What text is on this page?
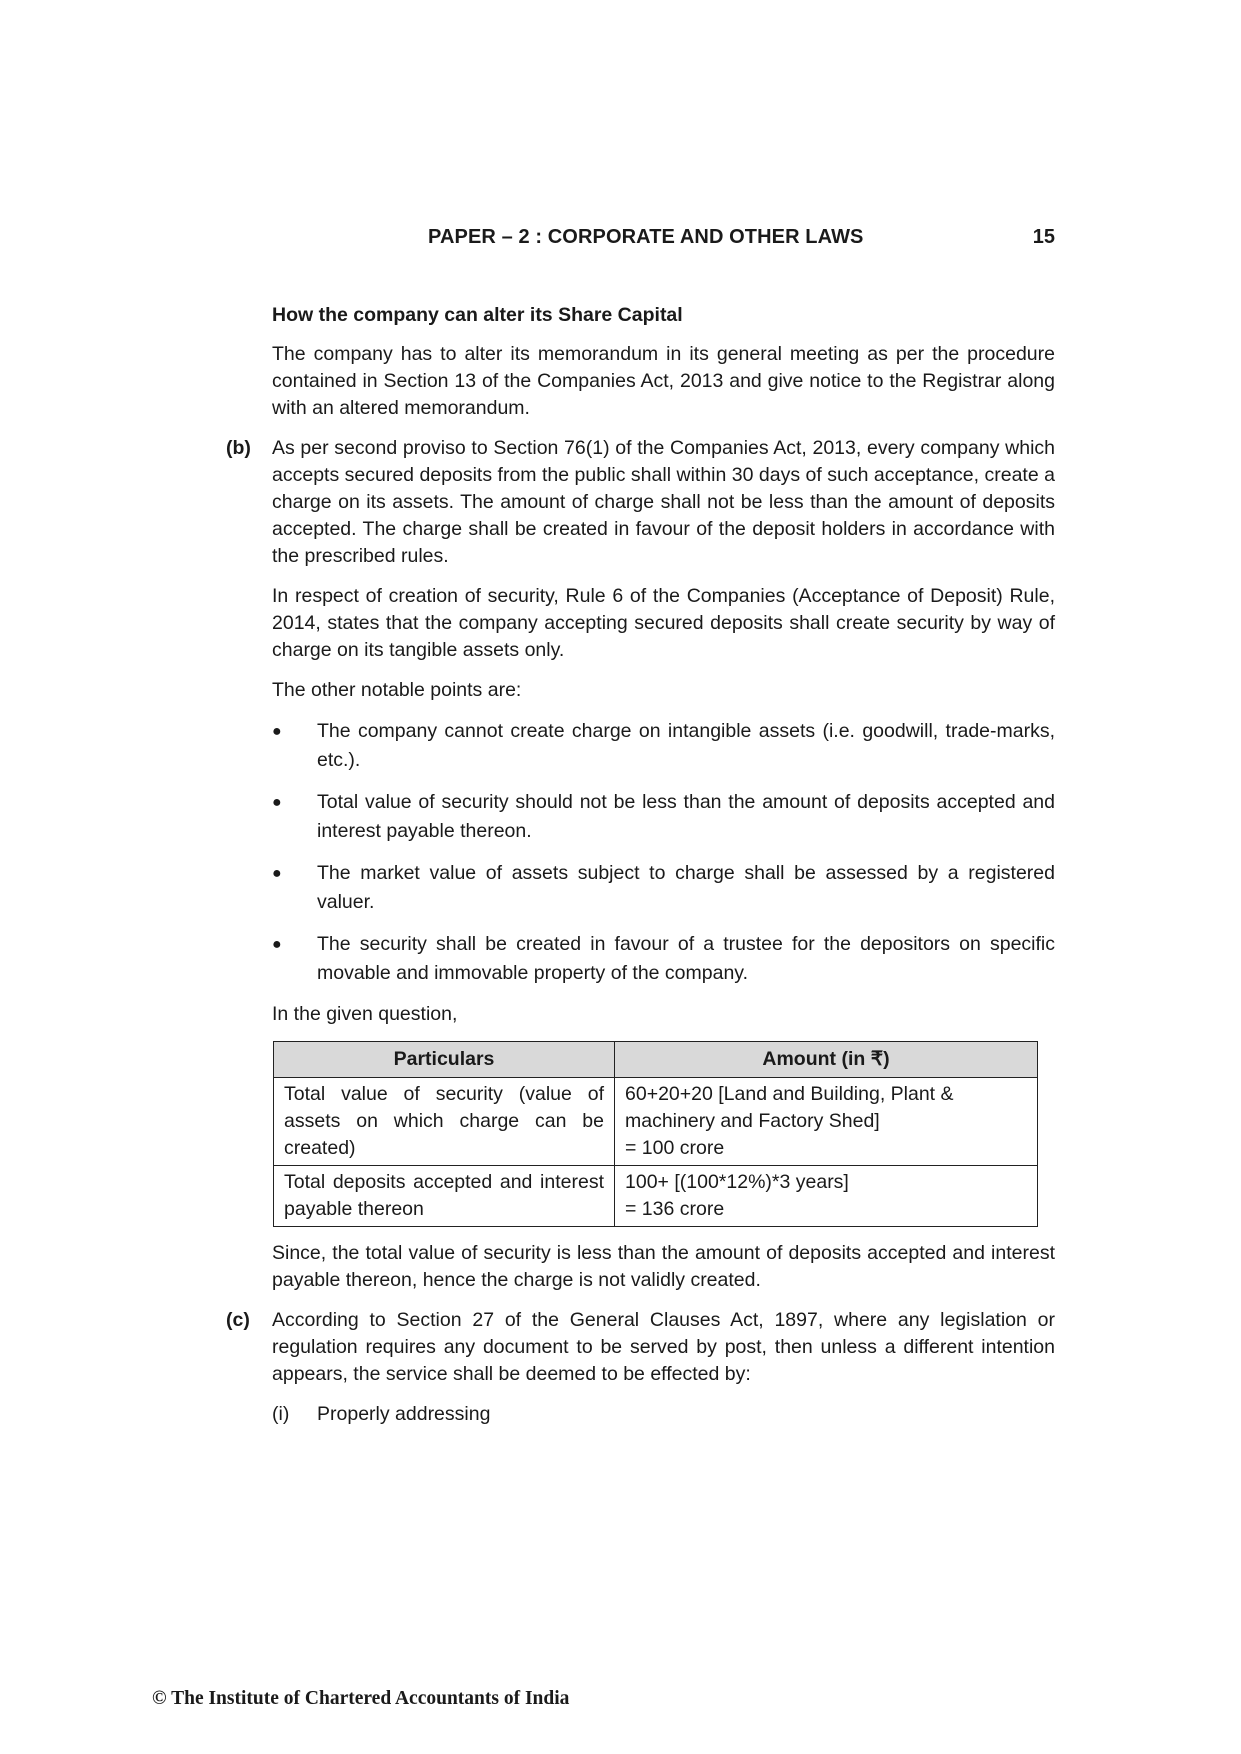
PAPER – 2 : CORPORATE AND OTHER LAWS	15

How the company can alter its Share Capital

The company has to alter its memorandum in its general meeting as per the procedure contained in Section 13 of the Companies Act, 2013 and give notice to the Registrar along with an altered memorandum.

(b) As per second proviso to Section 76(1) of the Companies Act, 2013, every company which accepts secured deposits from the public shall within 30 days of such acceptance, create a charge on its assets. The amount of charge shall not be less than the amount of deposits accepted. The charge shall be created in favour of the deposit holders in accordance with the prescribed rules.

In respect of creation of security, Rule 6 of the Companies (Acceptance of Deposit) Rule, 2014, states that the company accepting secured deposits shall create security by way of charge on its tangible assets only.

The other notable points are:

● The company cannot create charge on intangible assets (i.e. goodwill, trade-marks, etc.).
● Total value of security should not be less than the amount of deposits accepted and interest payable thereon.
● The market value of assets subject to charge shall be assessed by a registered valuer.
● The security shall be created in favour of a trustee for the depositors on specific movable and immovable property of the company.

In the given question,

Particulars	Amount (in ₹)
Total value of security (value of assets on which charge can be created)	60+20+20 [Land and Building, Plant & machinery and Factory Shed]
= 100 crore

Total deposits accepted and interest payable thereon	100+ [(100*12%)*3 years]
= 136 crore

Since, the total value of security is less than the amount of deposits accepted and interest payable thereon, hence the charge is not validly created.

(c) According to Section 27 of the General Clauses Act, 1897, where any legislation or regulation requires any document to be served by post, then unless a different intention appears, the service shall be deemed to be effected by:

(i) Properly addressing
© The Institute of Chartered Accountants of India
